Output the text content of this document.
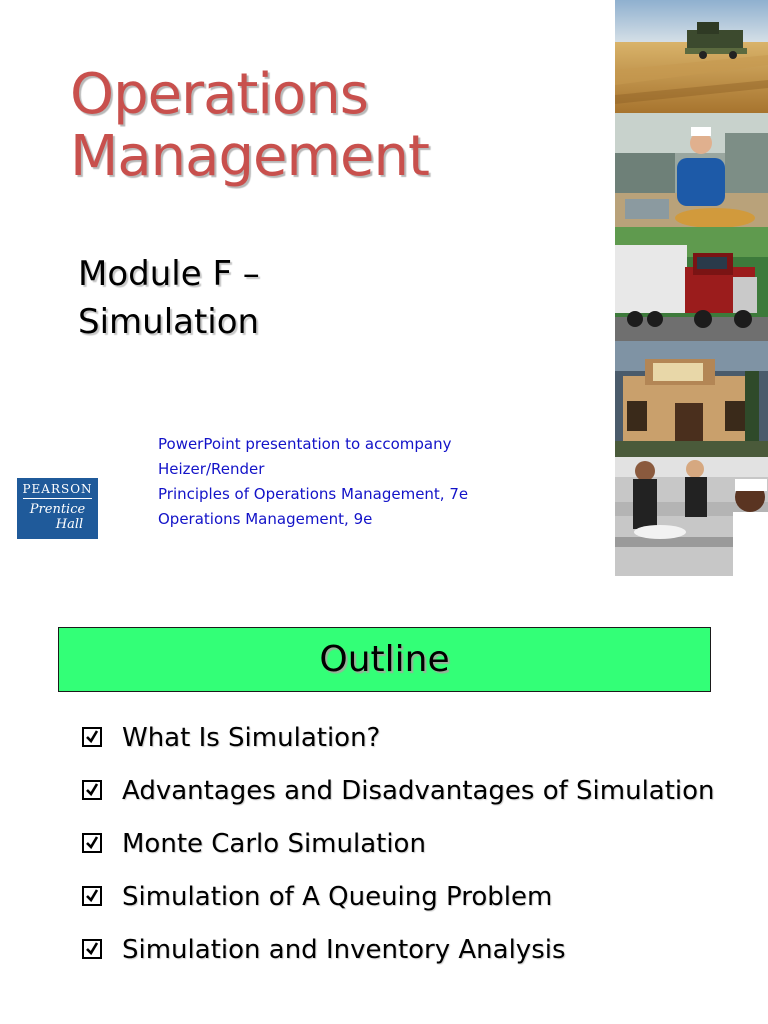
Operations
Management
Module F –
Simulation
PEARSON
Prentice
Hall

PowerPoint presentation to accompany
Heizer/Render
Principles of Operations Management, 7e
Operations Management, 9e

Outline
What Is Simulation?
Advantages and Disadvantages of Simulation
Monte Carlo Simulation
Simulation of A Queuing Problem
Simulation and Inventory Analysis
